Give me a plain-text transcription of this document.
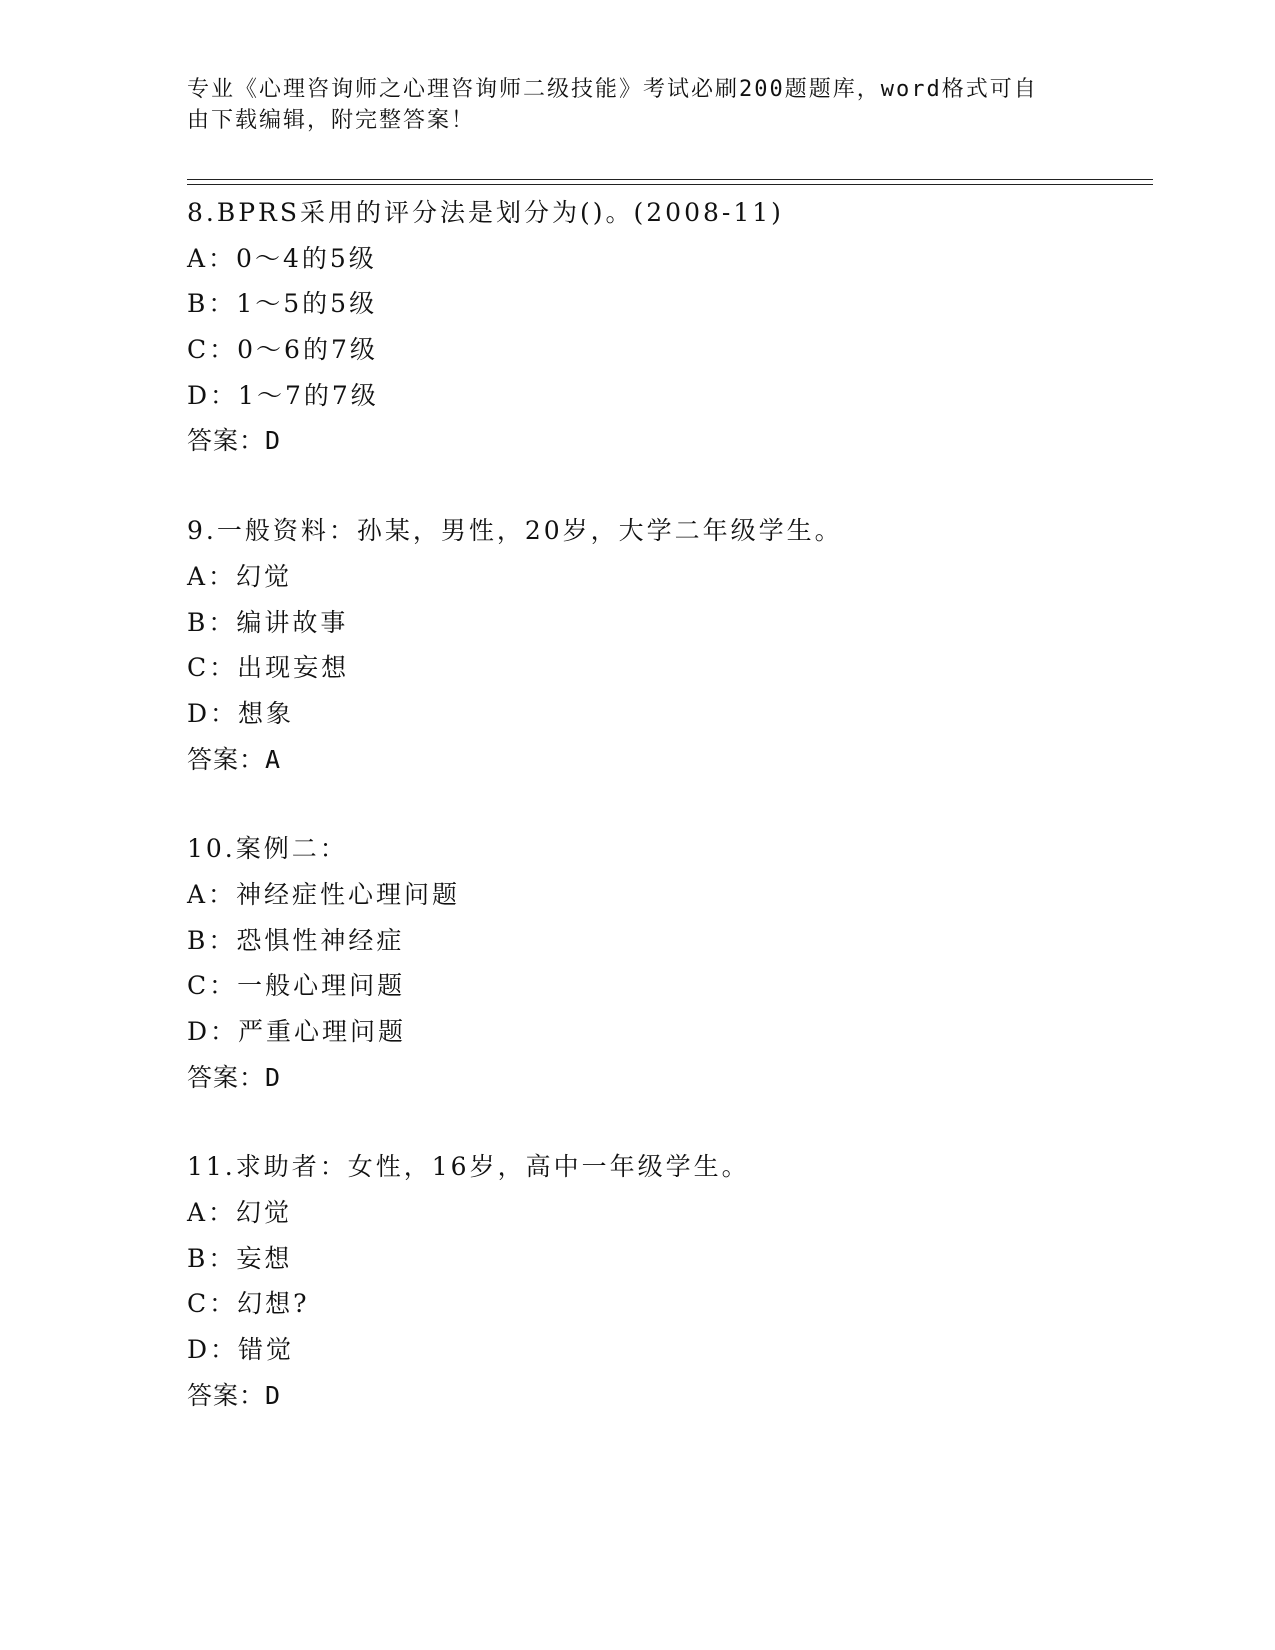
专业《心理咨询师之心理咨询师二级技能》考试必刷200题题库，word格式可自
由下载编辑，附完整答案！
8.BPRS采用的评分法是划分为()。(2008-11)
A：0～4的5级
B：1～5的5级
C：0～6的7级
D：1～7的7级
答案：D
9.一般资料：孙某，男性，20岁，大学二年级学生。
A：幻觉
B：编讲故事
C：出现妄想
D：想象
答案：A
10.案例二：
A：神经症性心理问题
B：恐惧性神经症
C：一般心理问题
D：严重心理问题
答案：D
11.求助者：女性，16岁，高中一年级学生。
A：幻觉
B：妄想
C：幻想?
D：错觉
答案：D
